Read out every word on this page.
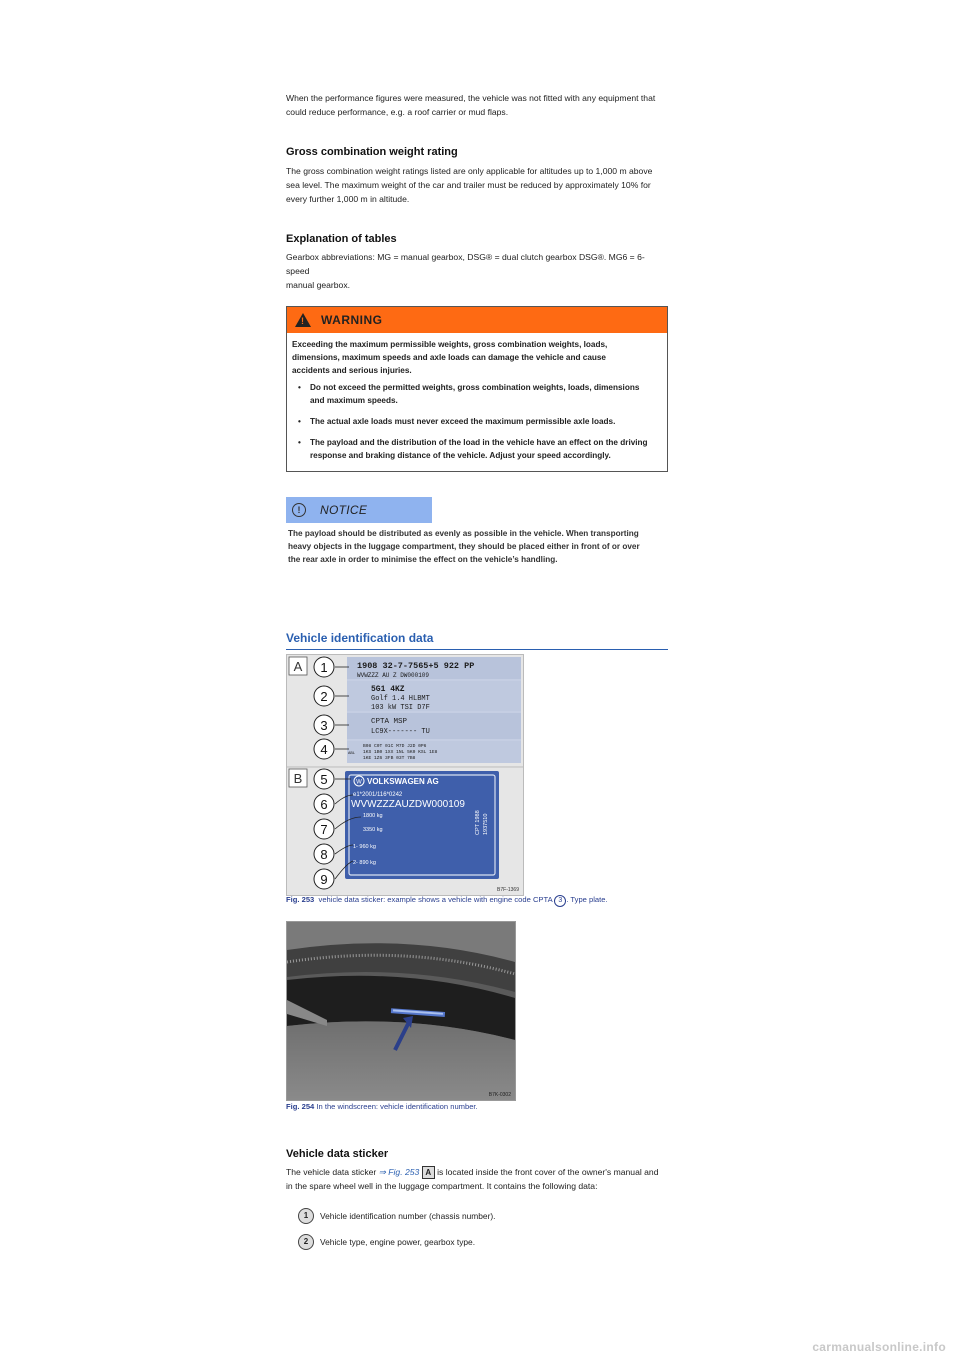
When the performance figures were measured, the vehicle was not fitted with any equipment that

could reduce performance, e.g. a roof carrier or mud flaps.

Gross combination weight rating

The gross combination weight ratings listed are only applicable for altitudes up to 1,000 m above

sea level. The maximum weight of the car and trailer must be reduced by approximately 10% for

every further 1,000 m in altitude.

Explanation of tables

Gearbox abbreviations: MG = manual gearbox, DSG® = dual clutch gearbox DSG®. MG6 = 6-speed

manual gearbox.

! WARNING

Exceeding the maximum permissible weights, gross combination weights, loads,

dimensions, maximum speeds and axle loads can damage the vehicle and cause

accidents and serious injuries.

• Do not exceed the permitted weights, gross combination weights, loads, dimensions
and maximum speeds.
• The actual axle loads must never exceed the maximum permissible axle loads.
• The payload and the distribution of the load in the vehicle have an effect on the driving
response and braking distance of the vehicle. Adjust your speed accordingly.
!	NOTICE

The payload should be distributed as evenly as possible in the vehicle. When transporting

heavy objects in the luggage compartment, they should be placed either in front of or over

the rear axle in order to minimise the effect on the vehicle’s handling.

Vehicle identification data
A
B
1908 32-7-7565+5 922 PP
WVWZZZ AU Z DW000109
5G1 4KZ
Golf 1.4 HLBMT
103 kW TSI D7F
CPTA MSP
LC9X------- TU
B08 C0T 01C M7D J2D 0P6
1KS 1B0 1XX 1NL 5K0 KSL 1E8
1KE 1Z6 3FB 03T 7B8
ABL
W VOLKSWAGEN AG
e1*2001/116*0242
WVWZZZAUZDW000109
1800 kg
3350 kg
1- 960 kg
2- 890 kg
CPT 1988 1937510
1
2
3
4
5
6
7
8
9
B7F-1369
Fig. 253 vehicle data sticker: example shows a vehicle with engine code CPTA 3 . Type plate.
B7K-0302
Fig. 254 In the windscreen: vehicle identification number.
Vehicle data sticker

The vehicle data sticker ⇒ Fig. 253 A is located inside the front cover of the owner's manual and

in the spare wheel well in the luggage compartment. It contains the following data:

1	Vehicle identification number (chassis number).
2	Vehicle type, engine power, gearbox type.
carmanualsonline.info
